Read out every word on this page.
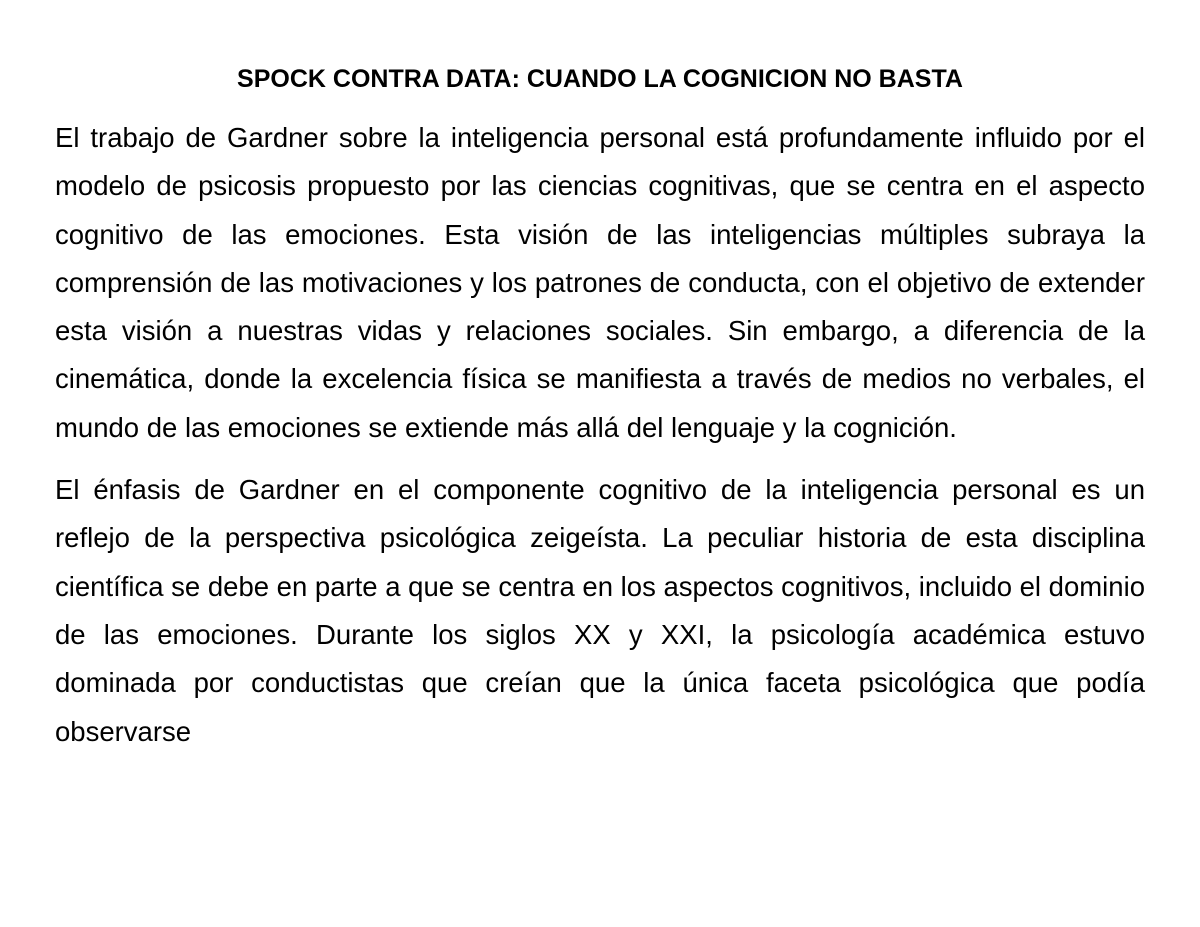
SPOCK CONTRA DATA: CUANDO LA COGNICION NO BASTA

El trabajo de Gardner sobre la inteligencia personal está profundamente influido por el modelo de psicosis propuesto por las ciencias cognitivas, que se centra en el aspecto cognitivo de las emociones. Esta visión de las inteligencias múltiples subraya la comprensión de las motivaciones y los patrones de conducta, con el objetivo de extender esta visión a nuestras vidas y relaciones sociales. Sin embargo, a diferencia de la cinemática, donde la excelencia física se manifiesta a través de medios no verbales, el mundo de las emociones se extiende más allá del lenguaje y la cognición.

El énfasis de Gardner en el componente cognitivo de la inteligencia personal es un reflejo de la perspectiva psicológica zeigeísta. La peculiar historia de esta disciplina científica se debe en parte a que se centra en los aspectos cognitivos, incluido el dominio de las emociones. Durante los siglos XX y XXI, la psicología académica estuvo dominada por conductistas que creían que la única faceta psicológica que podía observarse
